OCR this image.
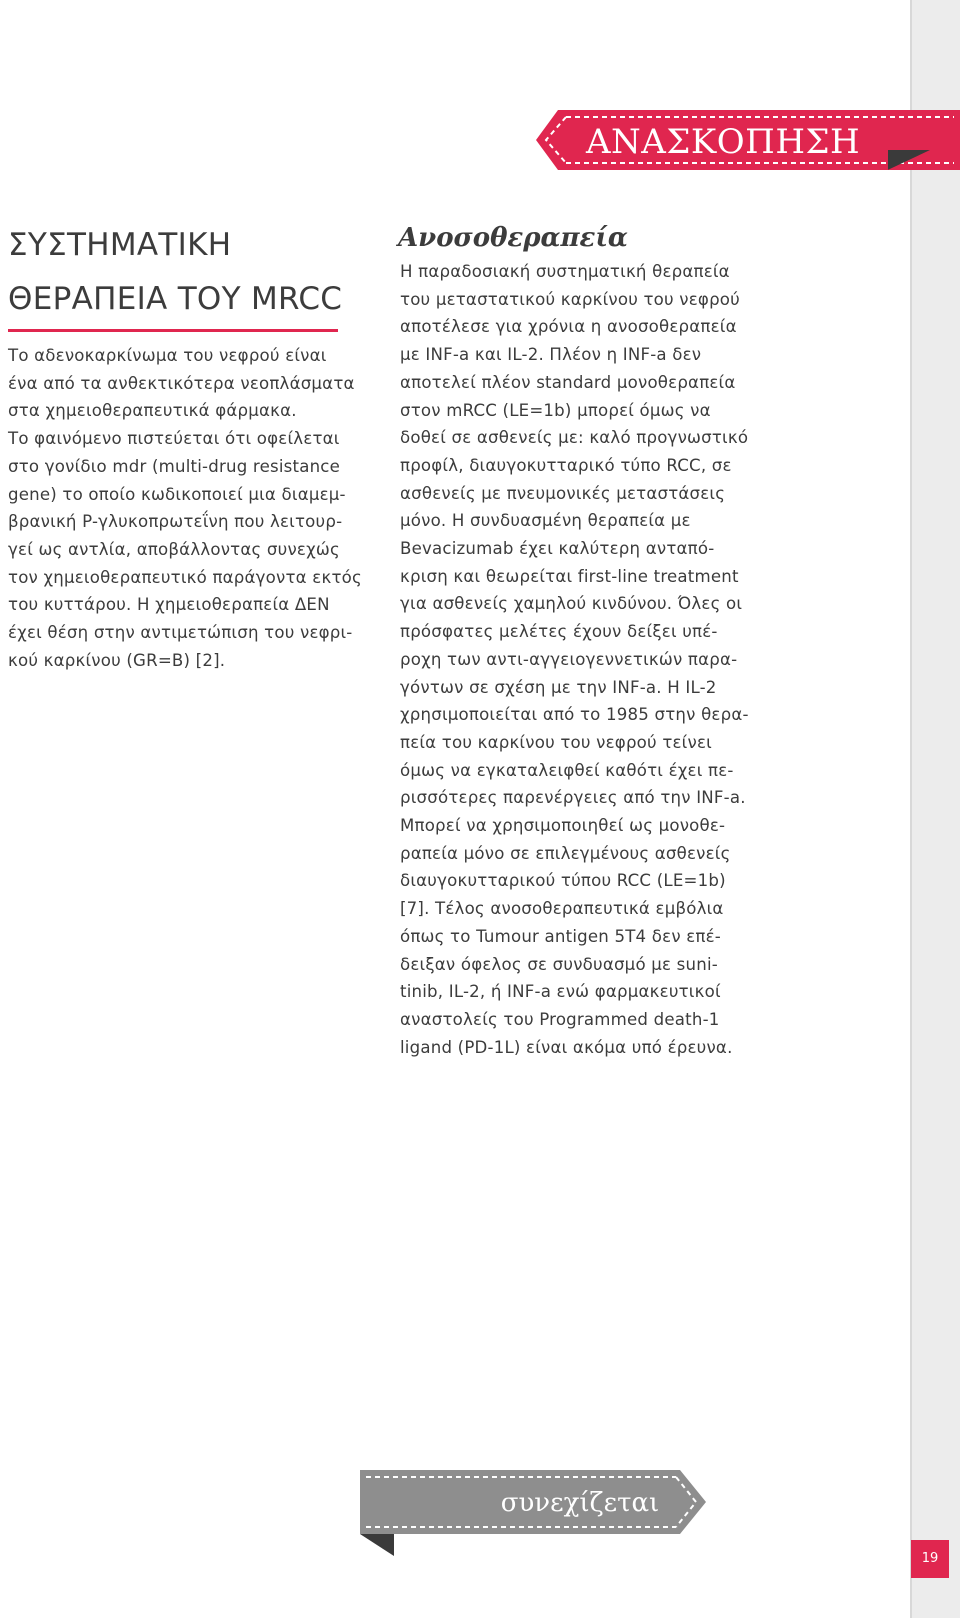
ΑΝΑΣΚΟΠΗΣΗ
ΣΥΣΤΗΜΑΤΙΚΗ
ΘΕΡΑΠΕΙΑ ΤΟΥ MRCC

Το αδενοκαρκίνωμα του νεφρού είναι
ένα από τα ανθεκτικότερα νεοπλάσματα
στα χημειοθεραπευτικά φάρμακα.
Το φαινόμενο πιστεύεται ότι οφείλεται
στο γονίδιο mdr (multi-drug resistance
gene) το οποίο κωδικοποιεί μια διαμεμ-
βρανική P-γλυκοπρωτεΐνη που λειτουρ-
γεί ως αντλία, αποβάλλοντας συνεχώς
τον χημειοθεραπευτικό παράγοντα εκτός
του κυττάρου. Η χημειοθεραπεία ΔΕΝ
έχει θέση στην αντιμετώπιση του νεφρι-
κού καρκίνου (GR=B) [2].

Ανοσοθεραπεία

Η παραδοσιακή συστηματική θεραπεία
του μεταστατικού καρκίνου του νεφρού
αποτέλεσε για χρόνια η ανοσοθεραπεία
με INF-a και IL-2. Πλέον η INF-a δεν
αποτελεί πλέον standard μονοθεραπεία
στον mRCC (LE=1b) μπορεί όμως να
δοθεί σε ασθενείς με: καλό προγνωστικό
προφίλ, διαυγοκυτταρικό τύπο RCC, σε
ασθενείς με πνευμονικές μεταστάσεις
μόνο. Η συνδυασμένη θεραπεία με
Bevacizumab έχει καλύτερη ανταπό-
κριση και θεωρείται first-line treatment
για ασθενείς χαμηλού κινδύνου. Όλες οι
πρόσφατες μελέτες έχουν δείξει υπέ-
ροχη των αντι-αγγειογεννετικών παρα-
γόντων σε σχέση με την INF-a. Η IL-2
χρησιμοποιείται από το 1985 στην θερα-
πεία του καρκίνου του νεφρού τείνει
όμως να εγκαταλειφθεί καθότι έχει πε-
ρισσότερες παρενέργειες από την INF-a.
Μπορεί να χρησιμοποιηθεί ως μονοθε-
ραπεία μόνο σε επιλεγμένους ασθενείς
διαυγοκυτταρικού τύπου RCC (LE=1b)
[7]. Τέλος ανοσοθεραπευτικά εμβόλια
όπως το Tumour antigen 5T4 δεν επέ-
δειξαν όφελος σε συνδυασμό με suni-
tinib, IL-2, ή INF-a ενώ φαρμακευτικοί
αναστολείς του Programmed death-1
ligand (PD-1L) είναι ακόμα υπό έρευνα.

συνεχίζεται
19
